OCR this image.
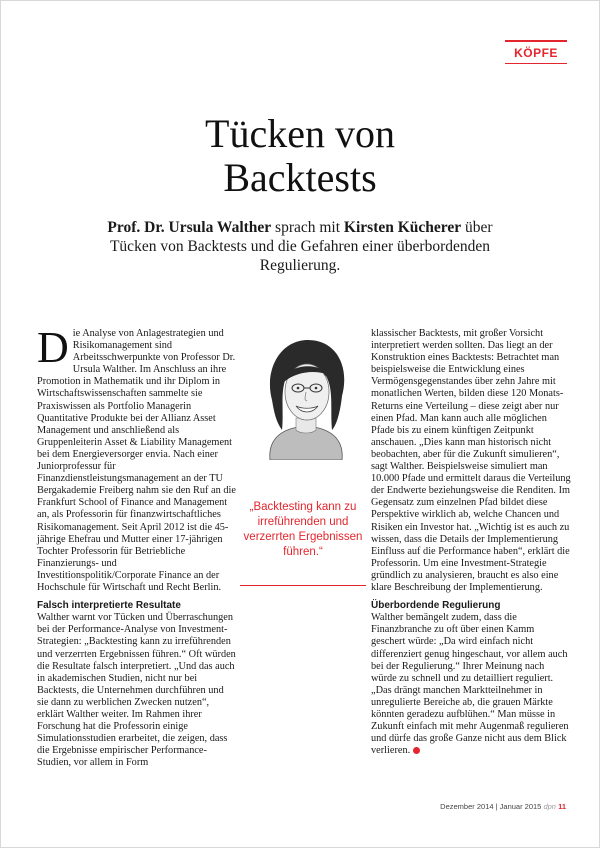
KÖPFE
Tücken von
Backtests
Prof. Dr. Ursula Walther sprach mit Kirsten Kücherer über Tücken von Backtests und die Gefahren einer überbordenden Regulierung.

Die Analyse von Anlagestrategien und Risikomanagement sind Arbeitsschwerpunkte von Professor Dr. Ursula Walther. Im Anschluss an ihre Promotion in Mathematik und ihr Diplom in Wirtschaftswissenschaften sammelte sie Praxiswissen als Portfolio Managerin Quantitative Produkte bei der Allianz Asset Management und anschließend als Gruppenleiterin Asset & Liability Management bei dem Energieversorger envia. Nach einer Juniorprofessur für Finanzdienstleistungsmanagement an der TU Bergakademie Freiberg nahm sie den Ruf an die Frankfurt School of Finance and Management an, als Professorin für finanzwirtschaftliches Risikomanagement. Seit April 2012 ist die 45-jährige Ehefrau und Mutter einer 17-jährigen Tochter Professorin für Betriebliche Finanzierungs- und Investitionspolitik/Corporate Finance an der Hochschule für Wirtschaft und Recht Berlin.

Falsch interpretierte Resultate

Walther warnt vor Tücken und Überraschungen bei der Performance-Analyse von Investment-Strategien: „Backtesting kann zu irreführenden und verzerrten Ergebnissen führen.“ Oft würden die Resultate falsch interpretiert. „Und das auch in akademischen Studien, nicht nur bei Backtests, die Unternehmen durchführen und sie dann zu werblichen Zwecken nutzen“, erklärt Walther weiter. Im Rahmen ihrer Forschung hat die Professorin einige Simulationsstudien erarbeitet, die zeigen, dass die Ergebnisse empirischer Performance-Studien, vor allem in Form

„Backtesting kann zu irreführenden und verzerrten Ergebnissen führen.“

klassischer Backtests, mit großer Vorsicht interpretiert werden sollten. Das liegt an der Konstruktion eines Backtests: Betrachtet man beispielsweise die Entwicklung eines Vermögensgegenstandes über zehn Jahre mit monatlichen Werten, bilden diese 120 Monats-Returns eine Verteilung – diese zeigt aber nur einen Pfad. Man kann auch alle möglichen Pfade bis zu einem künftigen Zeitpunkt anschauen. „Dies kann man historisch nicht beobachten, aber für die Zukunft simulieren“, sagt Walther. Beispielsweise simuliert man 10.000 Pfade und ermittelt daraus die Verteilung der Endwerte beziehungsweise die Renditen. Im Gegensatz zum einzelnen Pfad bildet diese Perspektive wirklich ab, welche Chancen und Risiken ein Investor hat. „Wichtig ist es auch zu wissen, dass die Details der Implementierung Einfluss auf die Performance haben“, erklärt die Professorin. Um eine Investment-Strategie gründlich zu analysieren, braucht es also eine klare Beschreibung der Implementierung.

Überbordende Regulierung

Walther bemängelt zudem, dass die Finanzbranche zu oft über einen Kamm geschert würde: „Da wird einfach nicht differenziert genug hingeschaut, vor allem auch bei der Regulierung.“ Ihrer Meinung nach würde zu schnell und zu detailliert reguliert. „Das drängt manchen Marktteilnehmer in unregulierte Bereiche ab, die grauen Märkte könnten geradezu aufblühen.“ Man müsse in Zukunft einfach mit mehr Augenmaß regulieren und dürfe das große Ganze nicht aus dem Blick verlieren.

Dezember 2014 | Januar 2015 dpn 11
